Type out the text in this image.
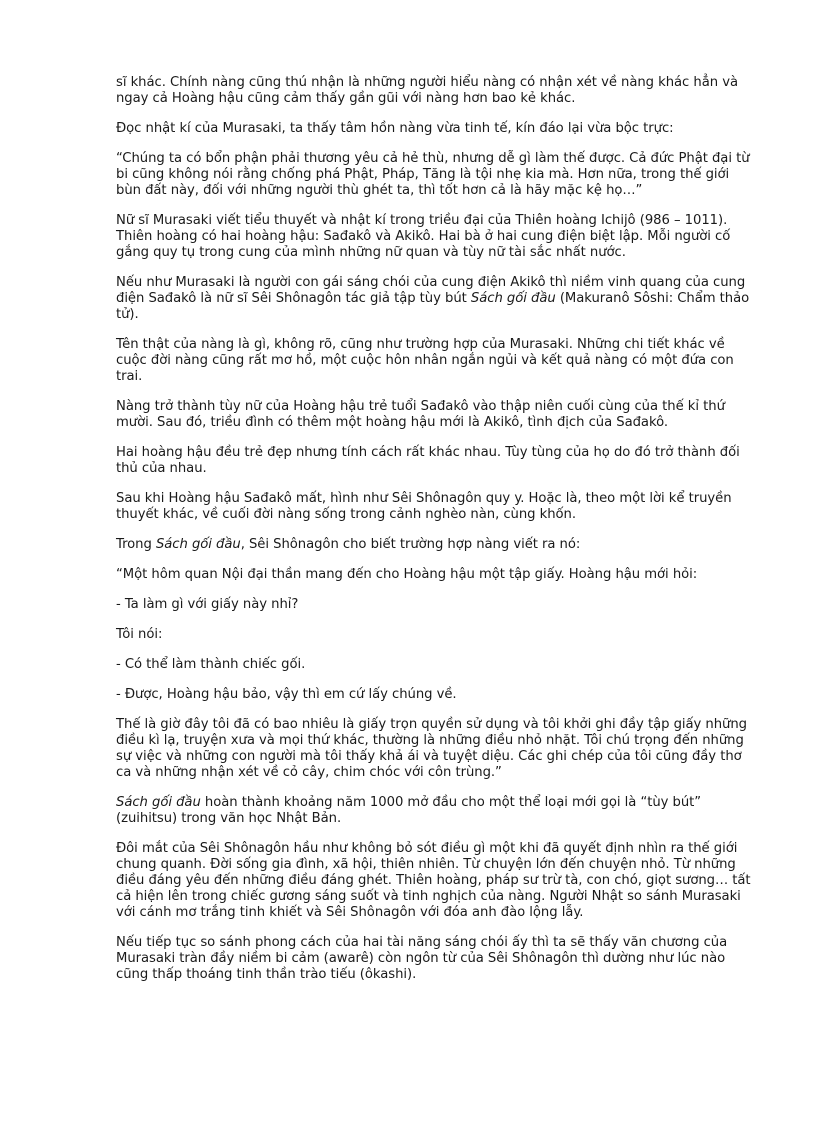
sĩ khác. Chính nàng cũng thú nhận là những người hiểu nàng có nhận xét về nàng khác hẳn và ngay cả Hoàng hậu cũng cảm thấy gần gũi với nàng hơn bao kẻ khác.

Đọc nhật kí của Murasaki, ta thấy tâm hồn nàng vừa tinh tế, kín đáo lại vừa bộc trực:

“Chúng ta có bổn phận phải thương yêu cả hẻ thù, nhưng dễ gì làm thế được. Cả đức Phật đại từ bi cũng không nói rằng chống phá Phật, Pháp, Tăng là tội nhẹ kia mà. Hơn nữa, trong thế giới bùn đất này, đối với những người thù ghét ta, thì tốt hơn cả là hãy mặc kệ họ…”

Nữ sĩ Murasaki viết tiểu thuyết và nhật kí trong triều đại của Thiên hoàng Ichijô (986 – 1011). Thiên hoàng có hai hoàng hậu: Sađakô và Akikô. Hai bà ở hai cung điện biệt lập. Mỗi người cố gắng quy tụ trong cung của mình những nữ quan và tùy nữ tài sắc nhất nước.

Nếu như Murasaki là người con gái sáng chói của cung điện Akikô thì niềm vinh quang của cung điện Sađakô là nữ sĩ Sêi Shônagôn tác giả tập tùy bút Sách gối đầu (Makuranô Sôshi: Chẩm thảo tử).

Tên thật của nàng là gì, không rõ, cũng như trường hợp của Murasaki. Những chi tiết khác về cuộc đời nàng cũng rất mơ hồ, một cuộc hôn nhân ngắn ngủi và kết quả nàng có một đứa con trai.

Nàng trở thành tùy nữ của Hoàng hậu trẻ tuổi Sađakô vào thập niên cuối cùng của thế kỉ thứ mười. Sau đó, triều đình có thêm một hoàng hậu mới là Akikô, tình địch của Sađakô.

Hai hoàng hậu đều trẻ đẹp nhưng tính cách rất khác nhau. Tùy tùng của họ do đó trở thành đối thủ của nhau.

Sau khi Hoàng hậu Sađakô mất, hình như Sêi Shônagôn quy y. Hoặc là, theo một lời kể truyền thuyết khác, về cuối đời nàng sống trong cảnh nghèo nàn, cùng khốn.

Trong Sách gối đầu, Sêi Shônagôn cho biết trường hợp nàng viết ra nó:

“Một hôm quan Nội đại thần mang đến cho Hoàng hậu một tập giấy. Hoàng hậu mới hỏi:

- Ta làm gì với giấy này nhỉ?

Tôi nói:

- Có thể làm thành chiếc gối.

- Được, Hoàng hậu bảo, vậy thì em cứ lấy chúng về.

Thế là giờ đây tôi đã có bao nhiêu là giấy trọn quyền sử dụng và tôi khởi ghi đầy tập giấy những điều kì lạ, truyện xưa và mọi thứ khác, thường là những điều nhỏ nhặt. Tôi chú trọng đến những sự việc và những con người mà tôi thấy khả ái và tuyệt diệu. Các ghi chép của tôi cũng đầy thơ ca và những nhận xét về cỏ cây, chim chóc với côn trùng.”

Sách gối đầu hoàn thành khoảng năm 1000 mở đầu cho một thể loại mới gọi là “tùy bút” (zuihitsu) trong văn học Nhật Bản.

Đôi mắt của Sêi Shônagôn hầu như không bỏ sót điều gì một khi đã quyết định nhìn ra thế giới chung quanh. Đời sống gia đình, xã hội, thiên nhiên. Từ chuyện lớn đến chuyện nhỏ. Từ những điều đáng yêu đến những điều đáng ghét. Thiên hoàng, pháp sư trừ tà, con chó, giọt sương… tất cả hiện lên trong chiếc gương sáng suốt và tinh nghịch của nàng. Người Nhật so sánh Murasaki với cánh mơ trắng tinh khiết và Sêi Shônagôn với đóa anh đào lộng lẫy.

Nếu tiếp tục so sánh phong cách của hai tài năng sáng chói ấy thì ta sẽ thấy văn chương của Murasaki tràn đầy niềm bi cảm (awarê) còn ngôn từ của Sêi Shônagôn thì dường như lúc nào cũng thấp thoáng tinh thần trào tiếu (ôkashi).
